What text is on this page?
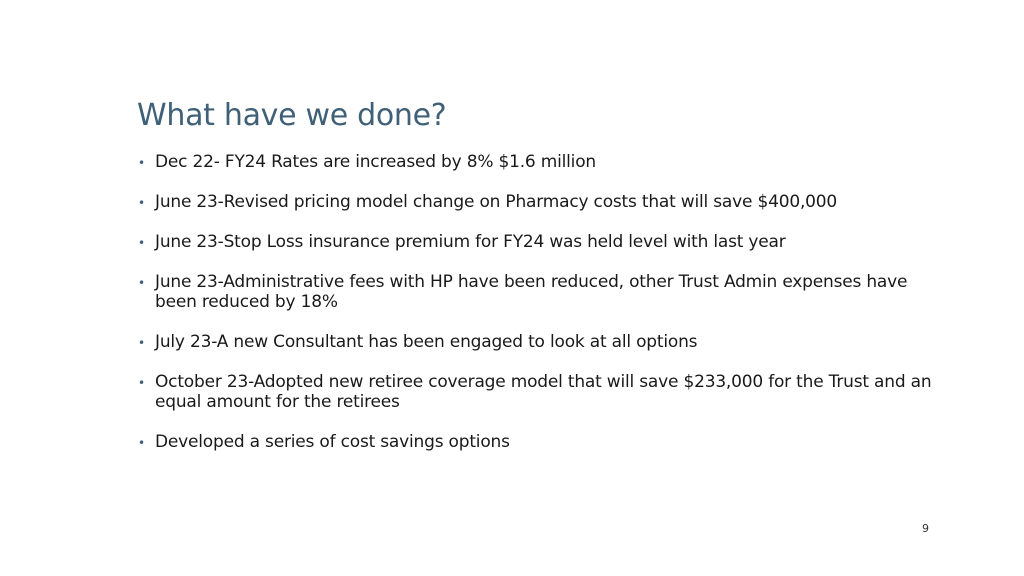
What have we done?
• Dec 22- FY24 Rates are increased by 8% $1.6 million
• June 23-Revised pricing model change on Pharmacy costs that will save $400,000
• June 23-Stop Loss insurance premium for FY24 was held level with last year
• June 23-Administrative fees with HP have been reduced, other Trust Admin expenses have been reduced by 18%
• July 23-A new Consultant has been engaged to look at all options
• October 23-Adopted new retiree coverage model that will save $233,000 for the Trust and an equal amount for the retirees
• Developed a series of cost savings options
9
